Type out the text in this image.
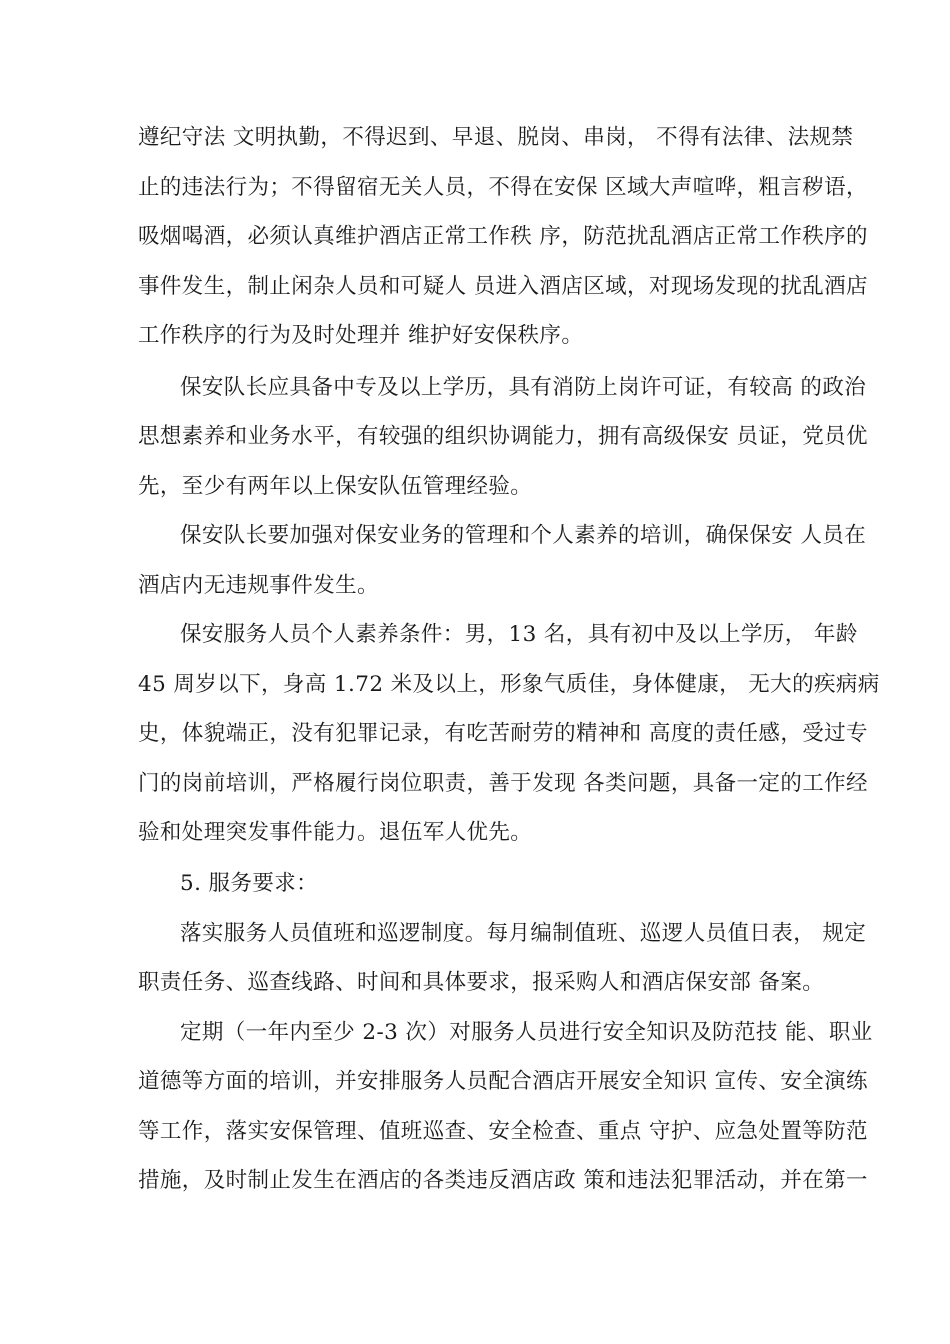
遵纪守法 文明执勤，不得迟到、早退、脱岗、串岗， 不得有法律、法规禁
止的违法行为；不得留宿无关人员，不得在安保 区域大声喧哗，粗言秽语，
吸烟喝酒，必须认真维护酒店正常工作秩 序，防范扰乱酒店正常工作秩序的
事件发生，制止闲杂人员和可疑人 员进入酒店区域，对现场发现的扰乱酒店
工作秩序的行为及时处理并 维护好安保秩序。
保安队长应具备中专及以上学历，具有消防上岗许可证，有较高 的政治
思想素养和业务水平，有较强的组织协调能力，拥有高级保安 员证，党员优
先，至少有两年以上保安队伍管理经验。
保安队长要加强对保安业务的管理和个人素养的培训，确保保安 人员在
酒店内无违规事件发生。
保安服务人员个人素养条件：男，13 名，具有初中及以上学历， 年龄
45 周岁以下，身高 1.72 米及以上，形象气质佳，身体健康， 无大的疾病病
史，体貌端正，没有犯罪记录，有吃苦耐劳的精神和 高度的责任感，受过专
门的岗前培训，严格履行岗位职责，善于发现 各类问题，具备一定的工作经
验和处理突发事件能力。退伍军人优先。
5. 服务要求：
落实服务人员值班和巡逻制度。每月编制值班、巡逻人员值日表， 规定
职责任务、巡查线路、时间和具体要求，报采购人和酒店保安部 备案。
定期（一年内至少 2-3 次）对服务人员进行安全知识及防范技 能、职业
道德等方面的培训，并安排服务人员配合酒店开展安全知识 宣传、安全演练
等工作，落实安保管理、值班巡查、安全检查、重点 守护、应急处置等防范
措施，及时制止发生在酒店的各类违反酒店政 策和违法犯罪活动，并在第一
